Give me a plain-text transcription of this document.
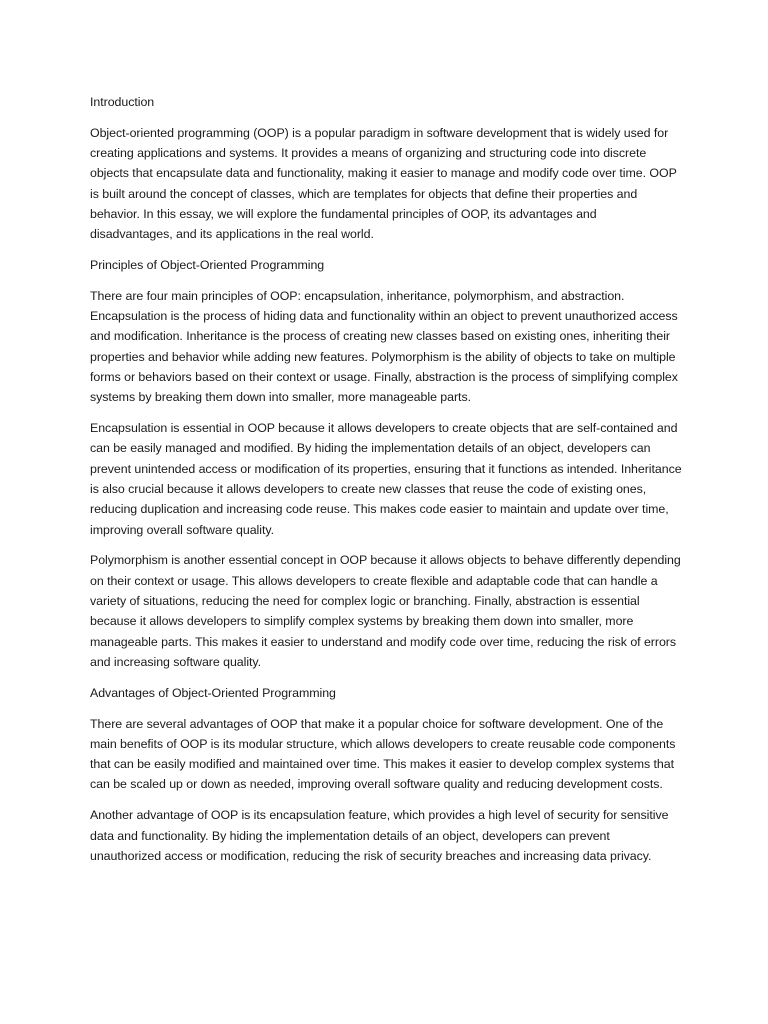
Introduction
Object-oriented programming (OOP) is a popular paradigm in software development that is widely used for creating applications and systems. It provides a means of organizing and structuring code into discrete objects that encapsulate data and functionality, making it easier to manage and modify code over time. OOP is built around the concept of classes, which are templates for objects that define their properties and behavior. In this essay, we will explore the fundamental principles of OOP, its advantages and disadvantages, and its applications in the real world.
Principles of Object-Oriented Programming
There are four main principles of OOP: encapsulation, inheritance, polymorphism, and abstraction. Encapsulation is the process of hiding data and functionality within an object to prevent unauthorized access and modification. Inheritance is the process of creating new classes based on existing ones, inheriting their properties and behavior while adding new features. Polymorphism is the ability of objects to take on multiple forms or behaviors based on their context or usage. Finally, abstraction is the process of simplifying complex systems by breaking them down into smaller, more manageable parts.
Encapsulation is essential in OOP because it allows developers to create objects that are self-contained and can be easily managed and modified. By hiding the implementation details of an object, developers can prevent unintended access or modification of its properties, ensuring that it functions as intended. Inheritance is also crucial because it allows developers to create new classes that reuse the code of existing ones, reducing duplication and increasing code reuse. This makes code easier to maintain and update over time, improving overall software quality.
Polymorphism is another essential concept in OOP because it allows objects to behave differently depending on their context or usage. This allows developers to create flexible and adaptable code that can handle a variety of situations, reducing the need for complex logic or branching. Finally, abstraction is essential because it allows developers to simplify complex systems by breaking them down into smaller, more manageable parts. This makes it easier to understand and modify code over time, reducing the risk of errors and increasing software quality.
Advantages of Object-Oriented Programming
There are several advantages of OOP that make it a popular choice for software development. One of the main benefits of OOP is its modular structure, which allows developers to create reusable code components that can be easily modified and maintained over time. This makes it easier to develop complex systems that can be scaled up or down as needed, improving overall software quality and reducing development costs.
Another advantage of OOP is its encapsulation feature, which provides a high level of security for sensitive data and functionality. By hiding the implementation details of an object, developers can prevent unauthorized access or modification, reducing the risk of security breaches and increasing data privacy.
